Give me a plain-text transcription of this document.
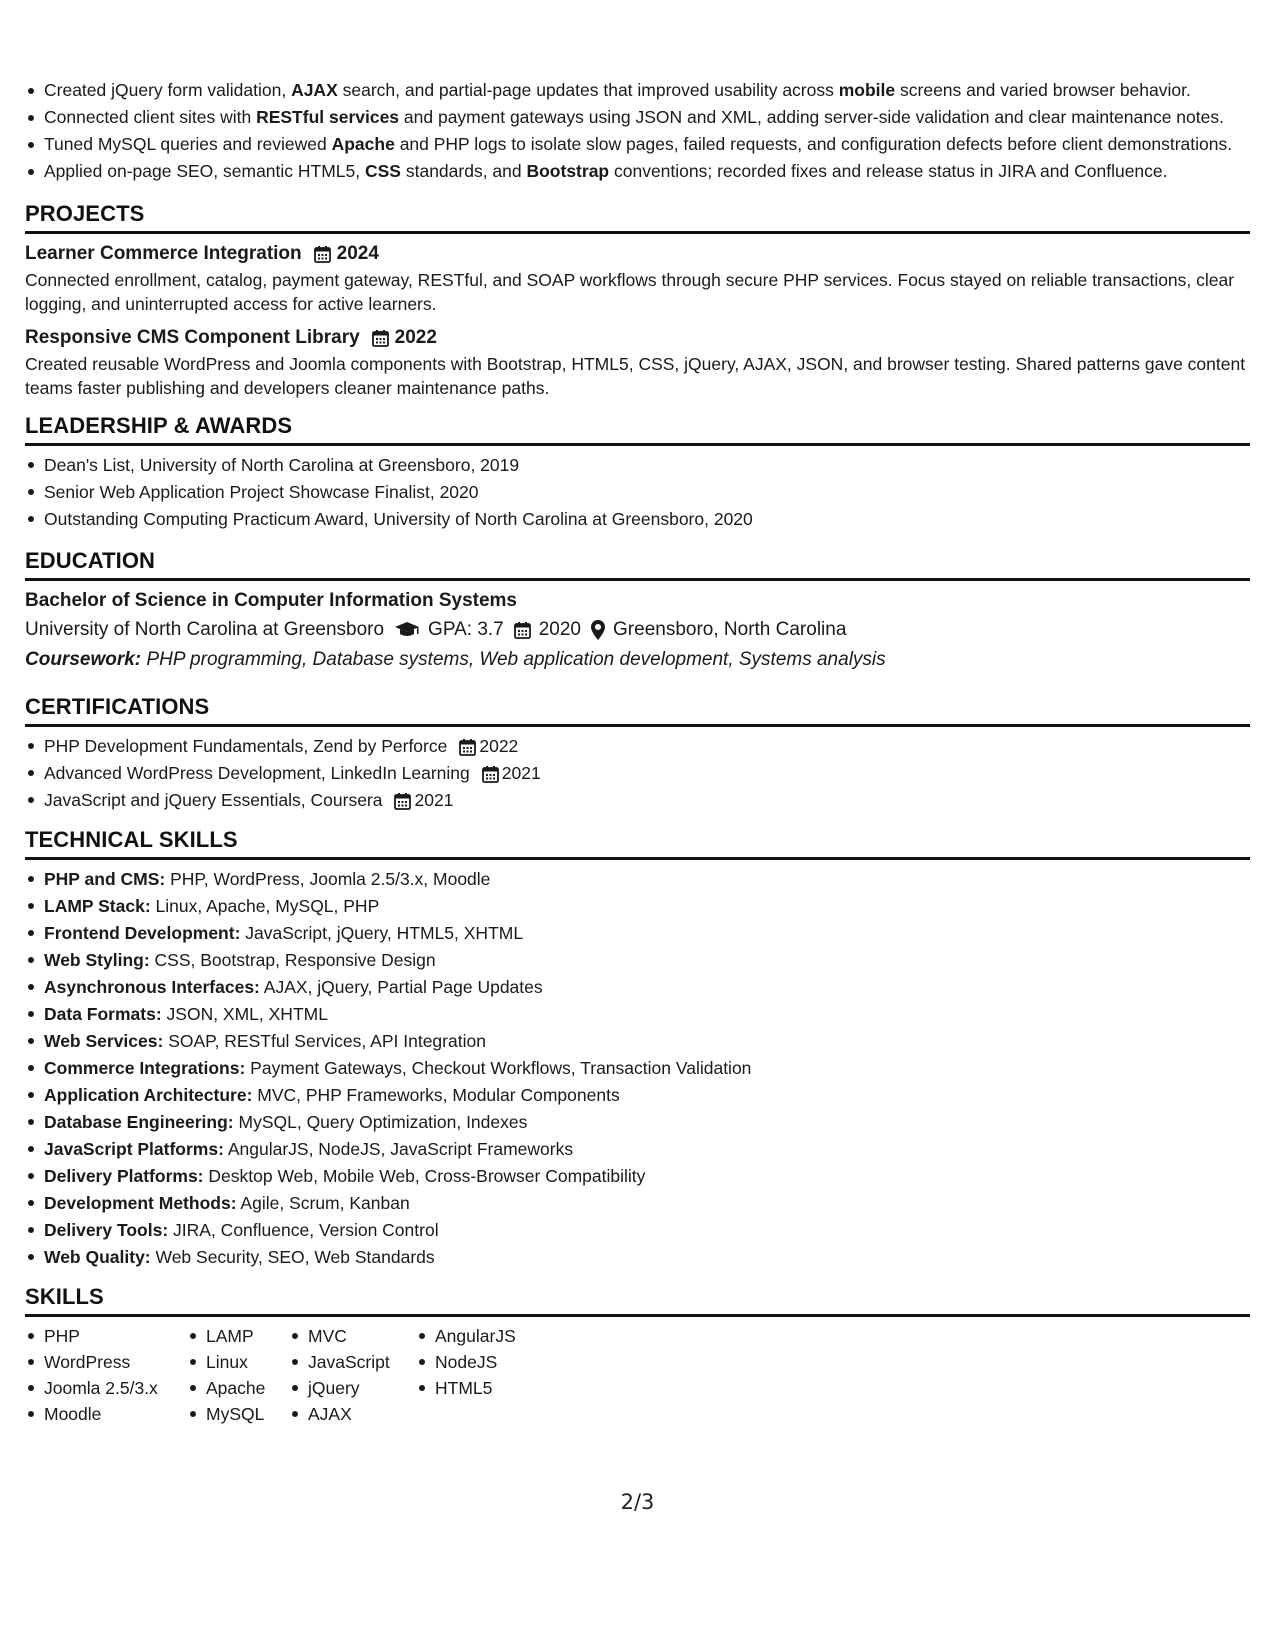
Created jQuery form validation, AJAX search, and partial-page updates that improved usability across mobile screens and varied browser behavior.
Connected client sites with RESTful services and payment gateways using JSON and XML, adding server-side validation and clear maintenance notes.
Tuned MySQL queries and reviewed Apache and PHP logs to isolate slow pages, failed requests, and configuration defects before client demonstrations.
Applied on-page SEO, semantic HTML5, CSS standards, and Bootstrap conventions; recorded fixes and release status in JIRA and Confluence.
PROJECTS
Learner Commerce Integration 2024

Connected enrollment, catalog, payment gateway, RESTful, and SOAP workflows through secure PHP services. Focus stayed on reliable transactions, clear logging, and uninterrupted access for active learners.

Responsive CMS Component Library 2022

Created reusable WordPress and Joomla components with Bootstrap, HTML5, CSS, jQuery, AJAX, JSON, and browser testing. Shared patterns gave content teams faster publishing and developers cleaner maintenance paths.

LEADERSHIP & AWARDS
Dean's List, University of North Carolina at Greensboro, 2019
Senior Web Application Project Showcase Finalist, 2020
Outstanding Computing Practicum Award, University of North Carolina at Greensboro, 2020
EDUCATION
Bachelor of Science in Computer Information Systems
University of North Carolina at Greensboro GPA: 3.7 2020 Greensboro, North Carolina
Coursework: PHP programming, Database systems, Web application development, Systems analysis
CERTIFICATIONS
PHP Development Fundamentals, Zend by Perforce 2022
Advanced WordPress Development, LinkedIn Learning 2021
JavaScript and jQuery Essentials, Coursera 2021
TECHNICAL SKILLS
PHP and CMS: PHP, WordPress, Joomla 2.5/3.x, Moodle
LAMP Stack: Linux, Apache, MySQL, PHP
Frontend Development: JavaScript, jQuery, HTML5, XHTML
Web Styling: CSS, Bootstrap, Responsive Design
Asynchronous Interfaces: AJAX, jQuery, Partial Page Updates
Data Formats: JSON, XML, XHTML
Web Services: SOAP, RESTful Services, API Integration
Commerce Integrations: Payment Gateways, Checkout Workflows, Transaction Validation
Application Architecture: MVC, PHP Frameworks, Modular Components
Database Engineering: MySQL, Query Optimization, Indexes
JavaScript Platforms: AngularJS, NodeJS, JavaScript Frameworks
Delivery Platforms: Desktop Web, Mobile Web, Cross-Browser Compatibility
Development Methods: Agile, Scrum, Kanban
Delivery Tools: JIRA, Confluence, Version Control
Web Quality: Web Security, SEO, Web Standards
SKILLS
PHP
WordPress
Joomla 2.5/3.x
Moodle
LAMP
Linux
Apache
MySQL
MVC
JavaScript
jQuery
AJAX
AngularJS
NodeJS
HTML5
2/3
